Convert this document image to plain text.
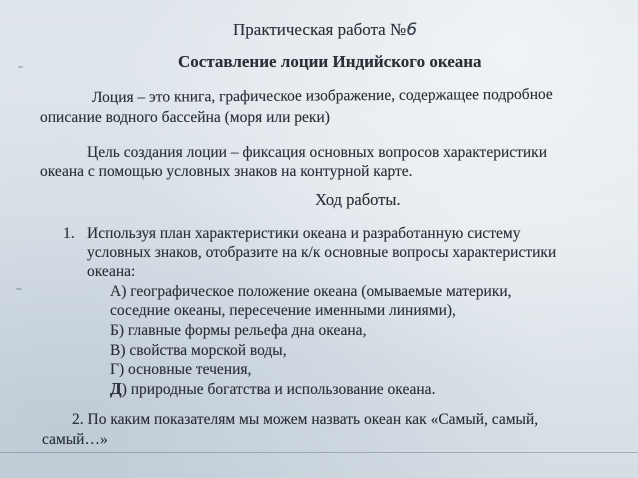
Практическая работа №6
Составление лоции Индийского океана
Лоция – это книга, графическое изображение, содержащее подробное
описание водного бассейна (моря или реки)
Цель создания лоции – фиксация основных вопросов характеристики
океана с помощью условных знаков на контурной карте.
Ход работы.
1. Используя план характеристики океана и разработанную систему
условных знаков, отобразите на к/к основные вопросы характеристики
океана:
А) географическое положение океана (омываемые материки,
соседние океаны, пересечение именными линиями),
Б) главные формы рельефа дна океана,
В) свойства морской воды,
Г) основные течения,
Д) природные богатства и использование океана.
2. По каким показателям мы можем назвать океан как «Самый, самый,
самый…»
